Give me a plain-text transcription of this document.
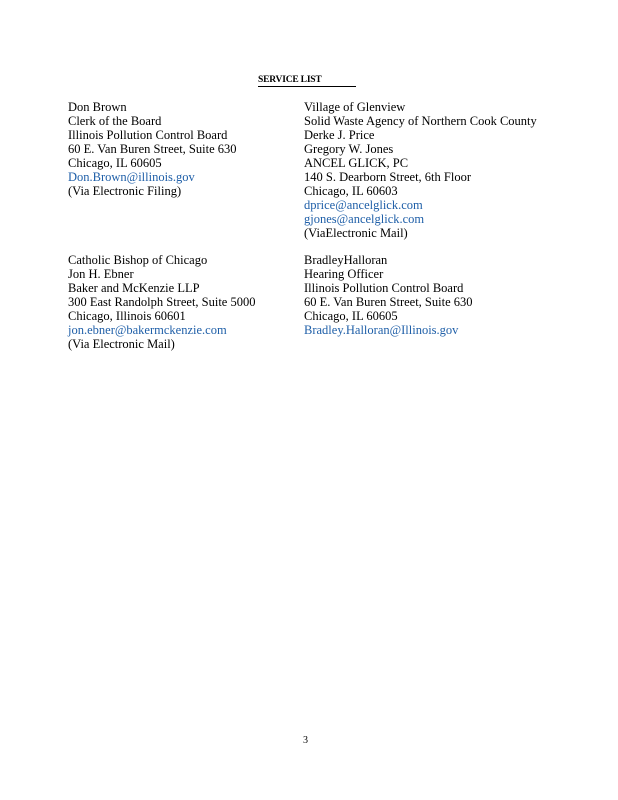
SERVICE LIST
Don Brown
Clerk of the Board
Illinois Pollution Control Board
60 E. Van Buren Street, Suite 630
Chicago, IL 60605
Don.Brown@illinois.gov
(Via Electronic Filing)
Village of Glenview
Solid Waste Agency of Northern Cook County
Derke J. Price
Gregory W. Jones
ANCEL GLICK, PC
140 S. Dearborn Street, 6th Floor
Chicago, IL 60603
dprice@ancelglick.com
gjones@ancelglick.com
(ViaElectronic Mail)
Catholic Bishop of Chicago
Jon H. Ebner
Baker and McKenzie LLP
300 East Randolph Street, Suite 5000
Chicago, Illinois 60601
jon.ebner@bakermckenzie.com
(Via Electronic Mail)
BradleyHalloran
Hearing Officer
Illinois Pollution Control Board
60 E. Van Buren Street, Suite 630
Chicago, IL 60605
Bradley.Halloran@Illinois.gov
3
